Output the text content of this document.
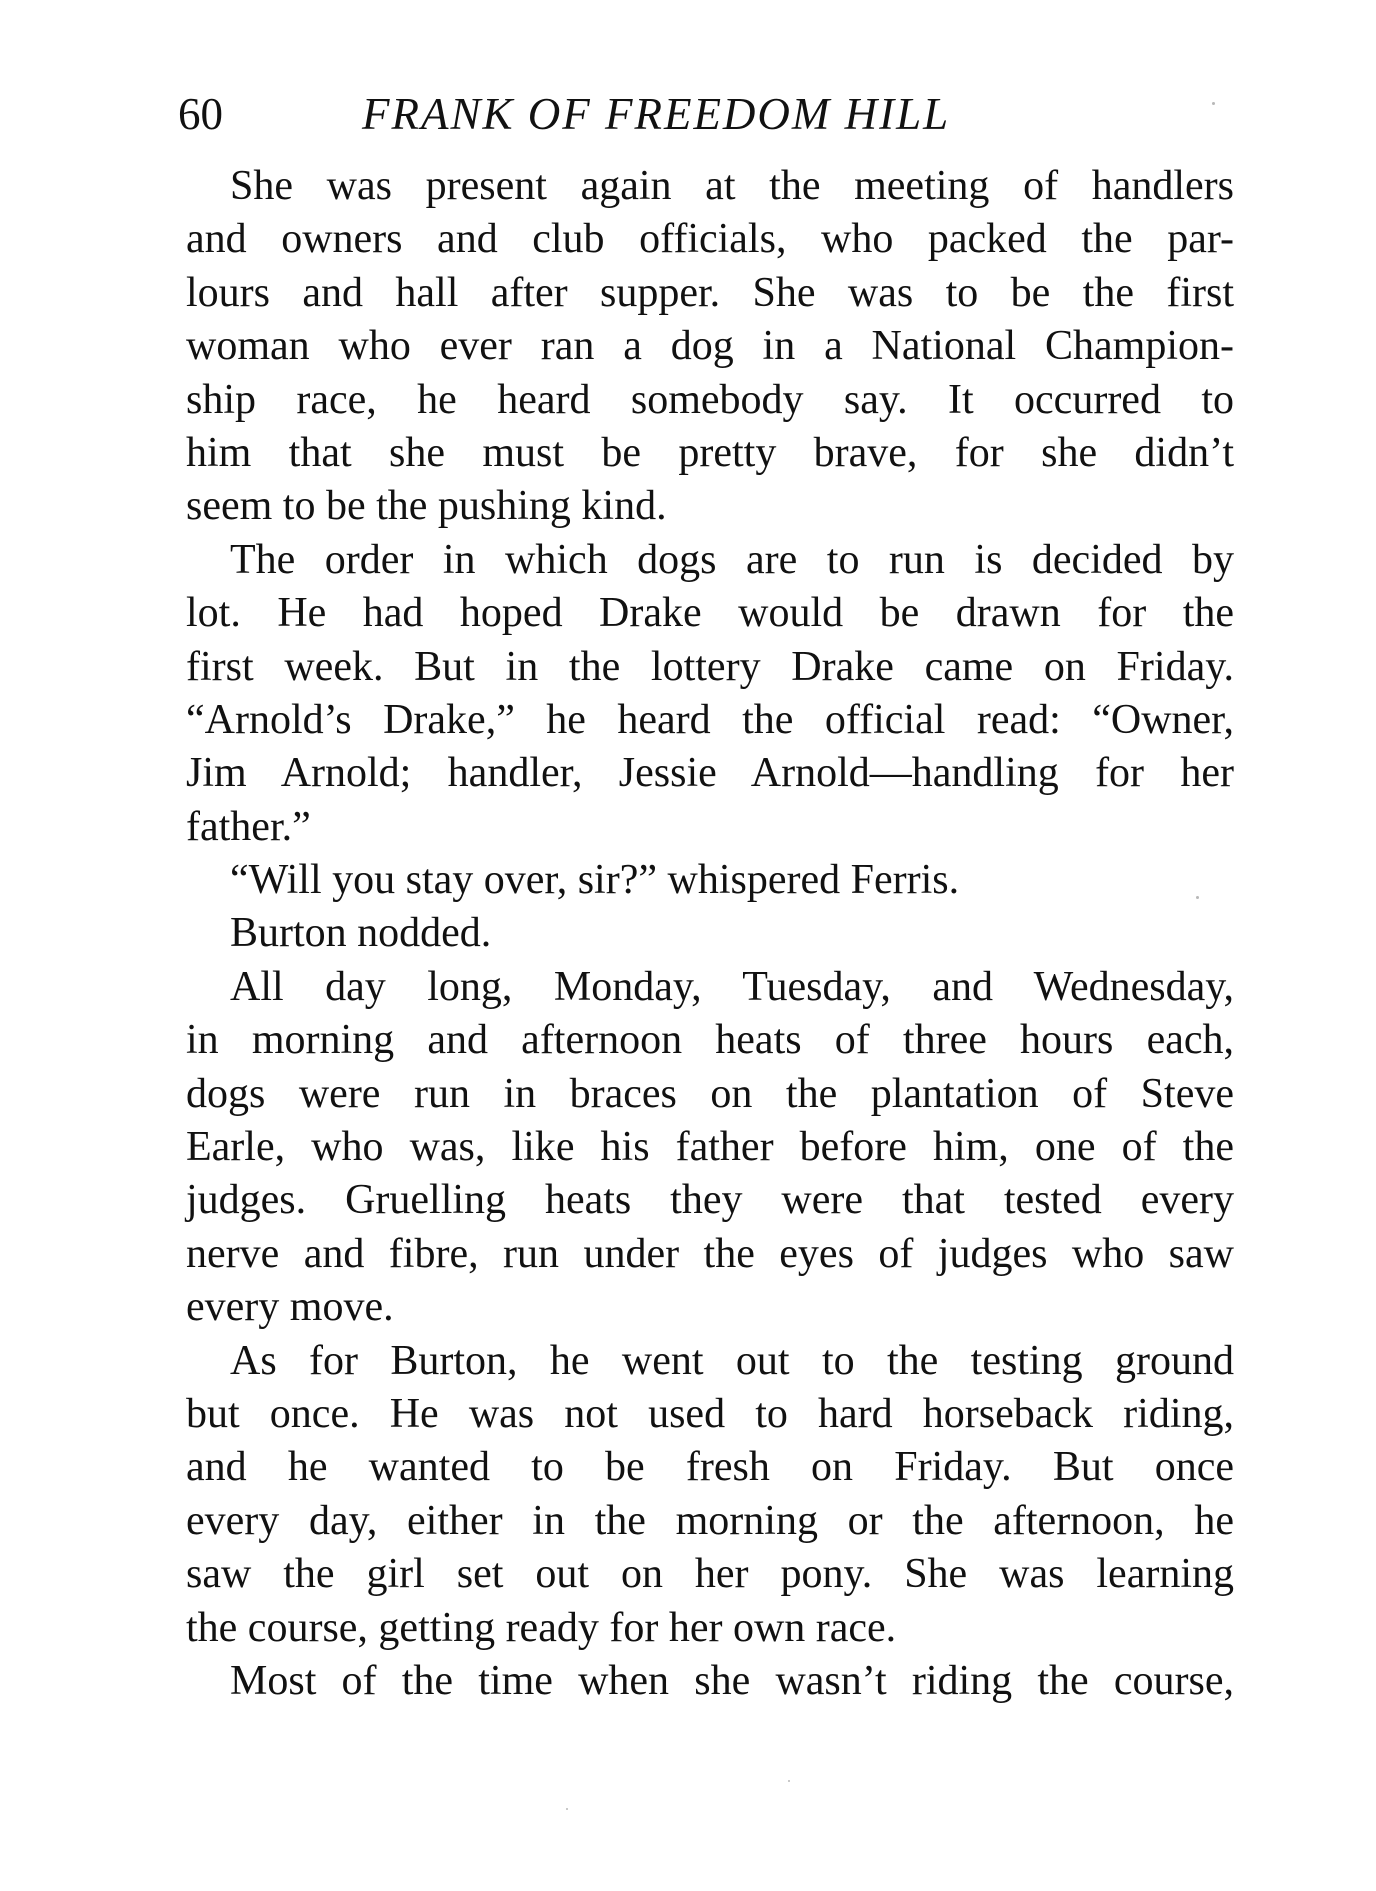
60	FRANK OF FREEDOM HILL
She was present again at the meeting of handlers
and owners and club officials, who packed the par-
lours and hall after supper. She was to be the first
woman who ever ran a dog in a National Champion-
ship race, he heard somebody say. It occurred to
him that she must be pretty brave, for she didn’t
seem to be the pushing kind.
The order in which dogs are to run is decided by
lot. He had hoped Drake would be drawn for the
first week. But in the lottery Drake came on Friday.
“Arnold’s Drake,” he heard the official read: “Owner,
Jim Arnold; handler, Jessie Arnold—handling for her
father.”
“Will you stay over, sir?” whispered Ferris.
Burton nodded.
All day long, Monday, Tuesday, and Wednesday,
in morning and afternoon heats of three hours each,
dogs were run in braces on the plantation of Steve
Earle, who was, like his father before him, one of the
judges. Gruelling heats they were that tested every
nerve and fibre, run under the eyes of judges who saw
every move.
As for Burton, he went out to the testing ground
but once. He was not used to hard horseback riding,
and he wanted to be fresh on Friday. But once
every day, either in the morning or the afternoon, he
saw the girl set out on her pony. She was learning
the course, getting ready for her own race.
Most of the time when she wasn’t riding the course,
